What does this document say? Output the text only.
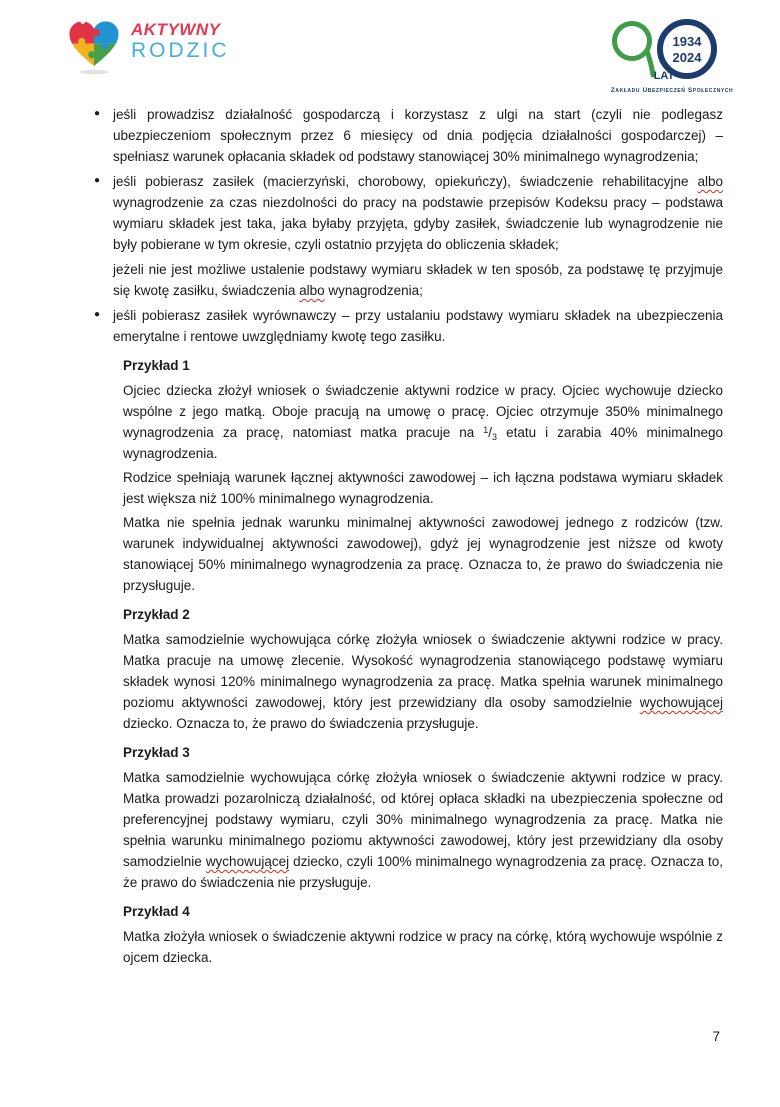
AKTYWNY
RODZIC	1934
2024
LAT
Zakładu Ubezpieczeń Społecznych
● jeśli prowadzisz działalność gospodarczą i korzystasz z ulgi na start (czyli nie podlegasz ubezpieczeniom społecznym przez 6 miesięcy od dnia podjęcia działalności gospodarczej) – spełniasz warunek opłacania składek od podstawy stanowiącej 30% minimalnego wynagrodzenia;
● jeśli pobierasz zasiłek (macierzyński, chorobowy, opiekuńczy), świadczenie rehabilitacyjne albo wynagrodzenie za czas niezdolności do pracy na podstawie przepisów Kodeksu pracy – podstawa wymiaru składek jest taka, jaka byłaby przyjęta, gdyby zasiłek, świadczenie lub wynagrodzenie nie były pobierane w tym okresie, czyli ostatnio przyjęta do obliczenia składek;
jeżeli nie jest możliwe ustalenie podstawy wymiaru składek w ten sposób, za podstawę tę przyjmuje się kwotę zasiłku, świadczenia albo wynagrodzenia;
● jeśli pobierasz zasiłek wyrównawczy – przy ustalaniu podstawy wymiaru składek na ubezpieczenia emerytalne i rentowe uwzględniamy kwotę tego zasiłku.
Przykład 1
Ojciec dziecka złożył wniosek o świadczenie aktywni rodzice w pracy. Ojciec wychowuje dziecko wspólne z jego matką. Oboje pracują na umowę o pracę. Ojciec otrzymuje 350% minimalnego wynagrodzenia za pracę, natomiast matka pracuje na $^1/_3$ etatu i zarabia 40% minimalnego wynagrodzenia.
Rodzice spełniają warunek łącznej aktywności zawodowej – ich łączna podstawa wymiaru składek jest większa niż 100% minimalnego wynagrodzenia.
Matka nie spełnia jednak warunku minimalnej aktywności zawodowej jednego z rodziców (tzw. warunek indywidualnej aktywności zawodowej), gdyż jej wynagrodzenie jest niższe od kwoty stanowiącej 50% minimalnego wynagrodzenia za pracę. Oznacza to, że prawo do świadczenia nie przysługuje.
Przykład 2
Matka samodzielnie wychowująca córkę złożyła wniosek o świadczenie aktywni rodzice w pracy. Matka pracuje na umowę zlecenie. Wysokość wynagrodzenia stanowiącego podstawę wymiaru składek wynosi 120% minimalnego wynagrodzenia za pracę. Matka spełnia warunek minimalnego poziomu aktywności zawodowej, który jest przewidziany dla osoby samodzielnie wychowującej dziecko. Oznacza to, że prawo do świadczenia przysługuje.
Przykład 3
Matka samodzielnie wychowująca córkę złożyła wniosek o świadczenie aktywni rodzice w pracy. Matka prowadzi pozarolniczą działalność, od której opłaca składki na ubezpieczenia społeczne od preferencyjnej podstawy wymiaru, czyli 30% minimalnego wynagrodzenia za pracę. Matka nie spełnia warunku minimalnego poziomu aktywności zawodowej, który jest przewidziany dla osoby samodzielnie wychowującej dziecko, czyli 100% minimalnego wynagrodzenia za pracę. Oznacza to, że prawo do świadczenia nie przysługuje.
Przykład 4
Matka złożyła wniosek o świadczenie aktywni rodzice w pracy na córkę, którą wychowuje wspólnie z ojcem dziecka.
7
